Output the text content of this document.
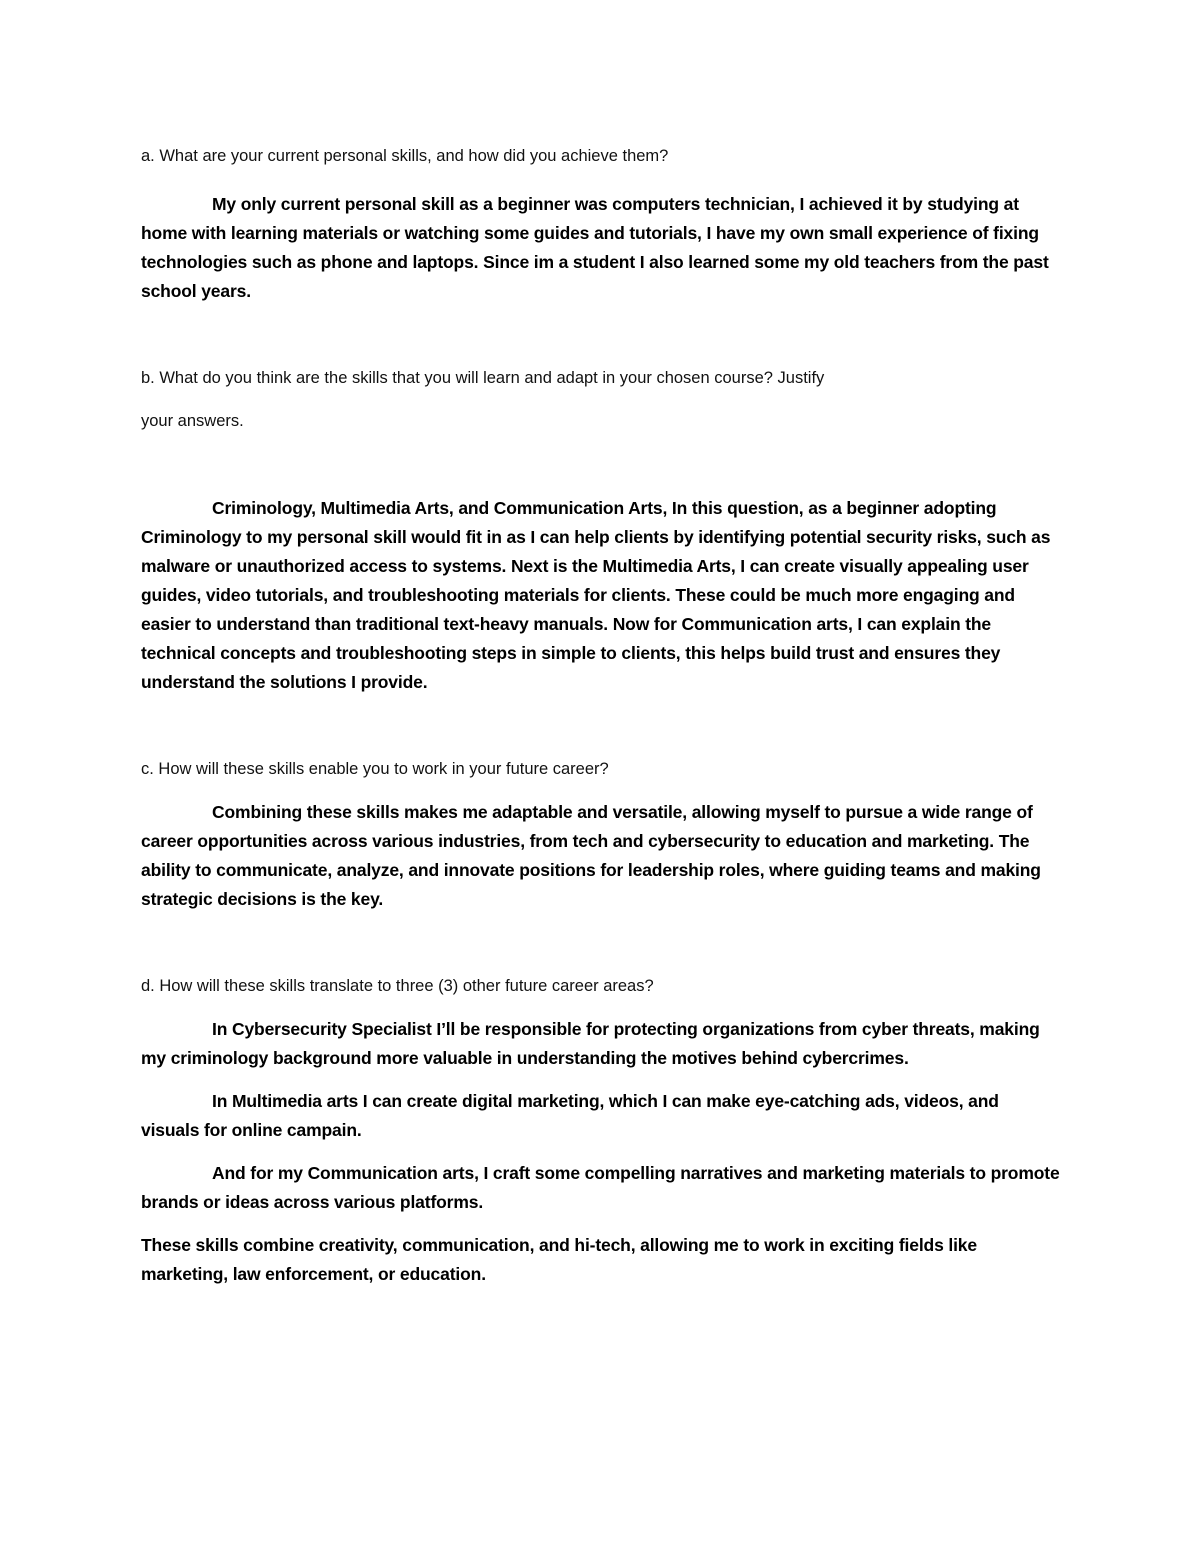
a. What are your current personal skills, and how did you achieve them?

My only current personal skill as a beginner was computers technician, I achieved it by studying at home with learning materials or watching some guides and tutorials, I have my own small experience of fixing technologies such as phone and laptops. Since im a student I also learned some my old teachers from the past school years.

b. What do you think are the skills that you will learn and adapt in your chosen course? Justify

your answers.

Criminology, Multimedia Arts, and Communication Arts, In this question, as a beginner adopting Criminology to my personal skill would fit in as I can help clients by identifying potential security risks, such as malware or unauthorized access to systems. Next is the Multimedia Arts, I can create visually appealing user guides, video tutorials, and troubleshooting materials for clients. These could be much more engaging and easier to understand than traditional text-heavy manuals. Now for Communication arts, I can explain the technical concepts and troubleshooting steps in simple to clients, this helps build trust and ensures they understand the solutions I provide.

c. How will these skills enable you to work in your future career?

Combining these skills makes me adaptable and versatile, allowing myself to pursue a wide range of career opportunities across various industries, from tech and cybersecurity to education and marketing. The ability to communicate, analyze, and innovate positions for leadership roles, where guiding teams and making strategic decisions is the key.

d. How will these skills translate to three (3) other future career areas?

In Cybersecurity Specialist I’ll be responsible for protecting organizations from cyber threats, making my criminology background more valuable in understanding the motives behind cybercrimes.

In Multimedia arts I can create digital marketing, which I can make eye-catching ads, videos, and visuals for online campain.

And for my Communication arts, I craft some compelling narratives and marketing materials to promote brands or ideas across various platforms.

These skills combine creativity, communication, and hi-tech, allowing me to work in exciting fields like marketing, law enforcement, or education.
